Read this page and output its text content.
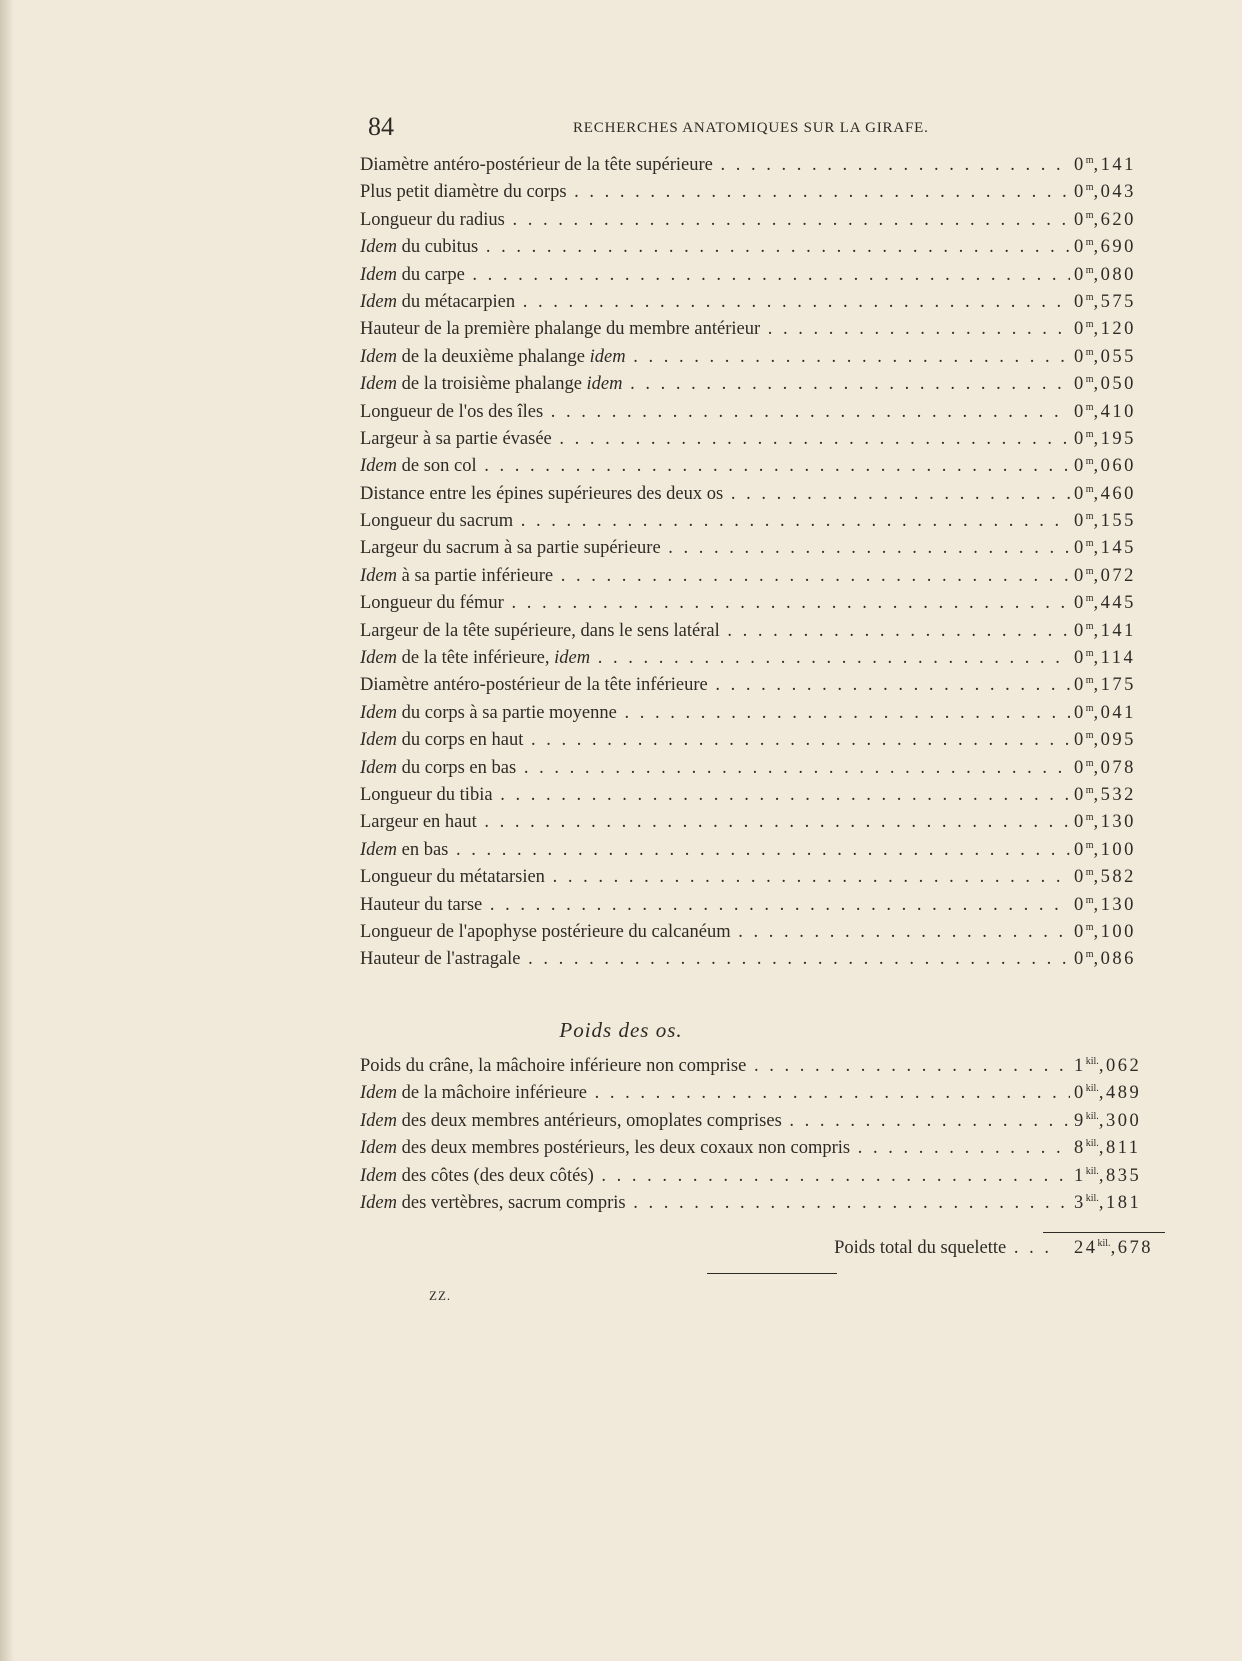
84	RECHERCHES ANATOMIQUES SUR LA GIRAFE.
Diamètre antéro-postérieur de la tête supérieure . . .	0$^m$,141
Plus petit diamètre du corps . . .	0$^m$,043
Longueur du radius . . .	0$^m$,620
Idem du cubitus . . .	0$^m$,690
Idem du carpe . . .	0$^m$,080
Idem du métacarpien . . .	0$^m$,575
Hauteur de la première phalange du membre antérieur . . .	0$^m$,120
Idem de la deuxième phalange idem . . .	0$^m$,055
Idem de la troisième phalange idem . . .	0$^m$,050
Longueur de l'os des îles . . .	0$^m$,410
Largeur à sa partie évasée . . .	0$^m$,195
Idem de son col . . .	0$^m$,060
Distance entre les épines supérieures des deux os . . .	0$^m$,460
Longueur du sacrum . . .	0$^m$,155
Largeur du sacrum à sa partie supérieure . . .	0$^m$,145
Idem à sa partie inférieure . . .	0$^m$,072
Longueur du fémur . . .	0$^m$,445
Largeur de la tête supérieure, dans le sens latéral . . .	0$^m$,141
Idem de la tête inférieure, idem . . .	0$^m$,114
Diamètre antéro-postérieur de la tête inférieure . . .	0$^m$,175
Idem du corps à sa partie moyenne . . .	0$^m$,041
Idem du corps en haut . . .	0$^m$,095
Idem du corps en bas . . .	0$^m$,078
Longueur du tibia . . .	0$^m$,532
Largeur en haut . . .	0$^m$,130
Idem en bas . . .	0$^m$,100
Longueur du métatarsien . . .	0$^m$,582
Hauteur du tarse . . .	0$^m$,130
Longueur de l'apophyse postérieure du calcanéum . . .	0$^m$,100
Hauteur de l'astragale . . .	0$^m$,086
Poids des os.
Poids du crâne, la mâchoire inférieure non comprise . . .	$1^{kil.},062$
Idem de la mâchoire inférieure . . .	$0^{kil.},489$
Idem des deux membres antérieurs, omoplates comprises . . .	$9^{kil.},300$
Idem des deux membres postérieurs, les deux coxaux non compris . . .	$8^{kil.},811$
Idem des côtes (des deux côtés) . . .	$1^{kil.},835$
Idem des vertèbres, sacrum compris . . .	$3^{kil.},181$
Poids total du squelette . . .	$24^{kil.},678$
ZZ.
